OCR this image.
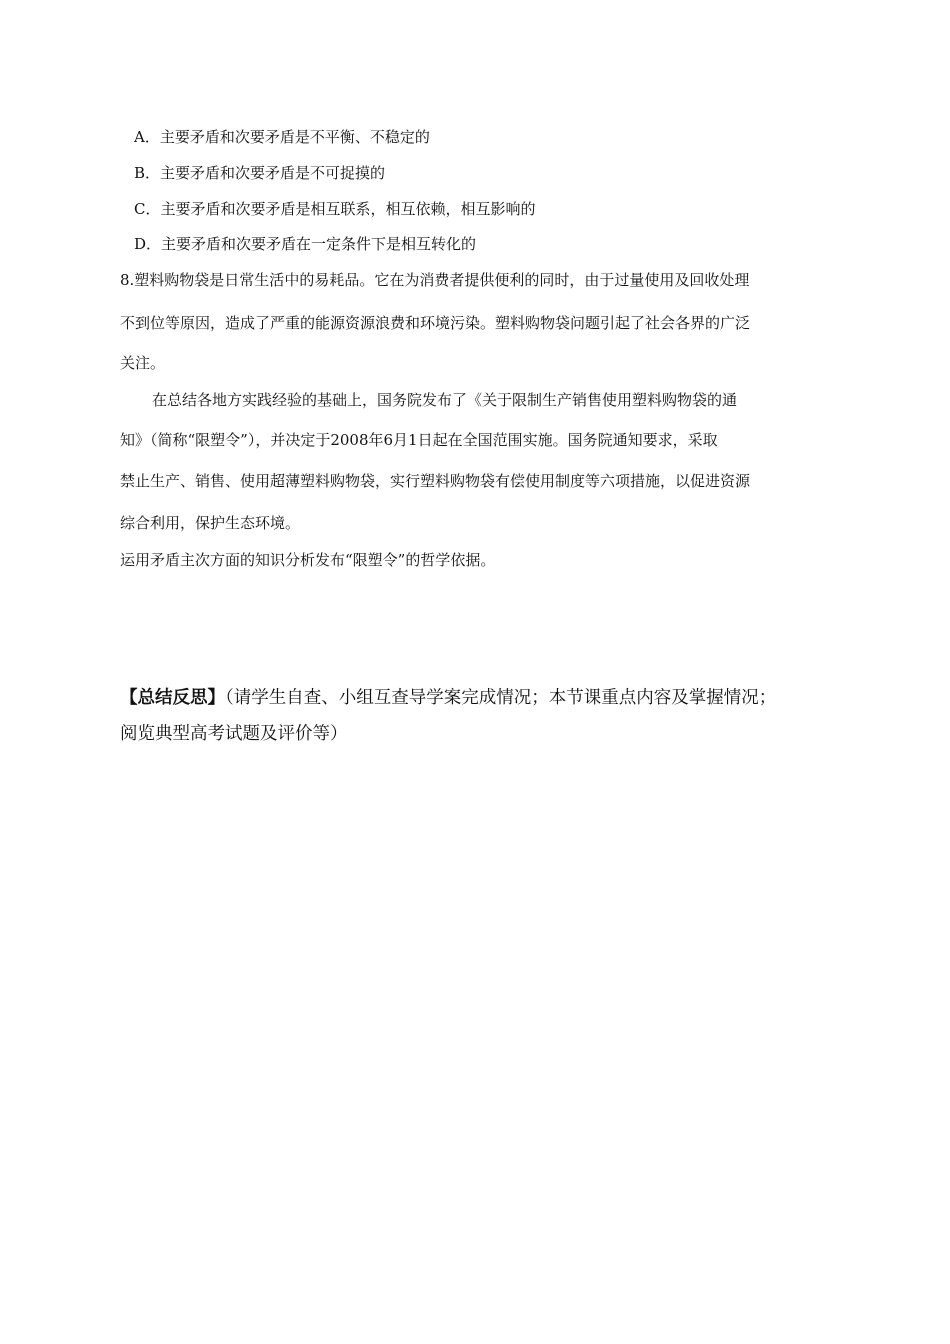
A．主要矛盾和次要矛盾是不平衡、不稳定的
B．主要矛盾和次要矛盾是不可捉摸的
C．主要矛盾和次要矛盾是相互联系，相互依赖，相互影响的
D．主要矛盾和次要矛盾在一定条件下是相互转化的
8.塑料购物袋是日常生活中的易耗品。它在为消费者提供便利的同时，由于过量使用及回收处理
不到位等原因，造成了严重的能源资源浪费和环境污染。塑料购物袋问题引起了社会各界的广泛
关注。
在总结各地方实践经验的基础上，国务院发布了《关于限制生产销售使用塑料购物袋的通
知》（简称“限塑令”），并决定于2008年6月1日起在全国范围实施。国务院通知要求，采取
禁止生产、销售、使用超薄塑料购物袋，实行塑料购物袋有偿使用制度等六项措施，以促进资源
综合利用，保护生态环境。
运用矛盾主次方面的知识分析发布“限塑令”的哲学依据。
【总结反思】（请学生自查、小组互查导学案完成情况；本节课重点内容及掌握情况；
阅览典型高考试题及评价等）
